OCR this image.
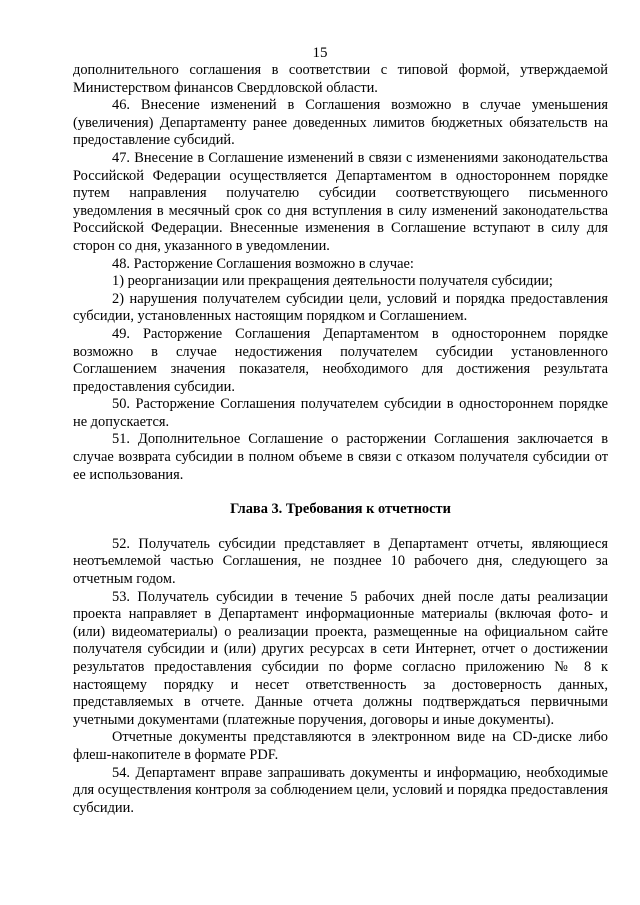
15

дополнительного соглашения в соответствии с типовой формой, утверждаемой Министерством финансов Свердловской области.

46. Внесение изменений в Соглашения возможно в случае уменьшения (увеличения) Департаменту ранее доведенных лимитов бюджетных обязательств на предоставление субсидий.

47. Внесение в Соглашение изменений в связи с изменениями законодательства Российской Федерации осуществляется Департаментом в одностороннем порядке путем направления получателю субсидии соответствующего письменного уведомления в месячный срок со дня вступления в силу изменений законодательства Российской Федерации. Внесенные изменения в Соглашение вступают в силу для сторон со дня, указанного в уведомлении.

48. Расторжение Соглашения возможно в случае:

1) реорганизации или прекращения деятельности получателя субсидии;

2) нарушения получателем субсидии цели, условий и порядка предоставления субсидии, установленных настоящим порядком и Соглашением.

49. Расторжение Соглашения Департаментом в одностороннем порядке возможно в случае недостижения получателем субсидии установленного Соглашением значения показателя, необходимого для достижения результата предоставления субсидии.

50. Расторжение Соглашения получателем субсидии в одностороннем порядке не допускается.

51. Дополнительное Соглашение о расторжении Соглашения заключается в случае возврата субсидии в полном объеме в связи с отказом получателя субсидии от ее использования.

Глава 3. Требования к отчетности

52. Получатель субсидии представляет в Департамент отчеты, являющиеся неотъемлемой частью Соглашения, не позднее 10 рабочего дня, следующего за отчетным годом.

53. Получатель субсидии в течение 5 рабочих дней после даты реализации проекта направляет в Департамент информационные материалы (включая фото- и (или) видеоматериалы) о реализации проекта, размещенные на официальном сайте получателя субсидии и (или) других ресурсах в сети Интернет, отчет о достижении результатов предоставления субсидии по форме согласно приложению № 8 к настоящему порядку и несет ответственность за достоверность данных, представляемых в отчете. Данные отчета должны подтверждаться первичными учетными документами (платежные поручения, договоры и иные документы).

Отчетные документы представляются в электронном виде на CD-диске либо флеш-накопителе в формате PDF.

54. Департамент вправе запрашивать документы и информацию, необходимые для осуществления контроля за соблюдением цели, условий и порядка предоставления субсидии.
